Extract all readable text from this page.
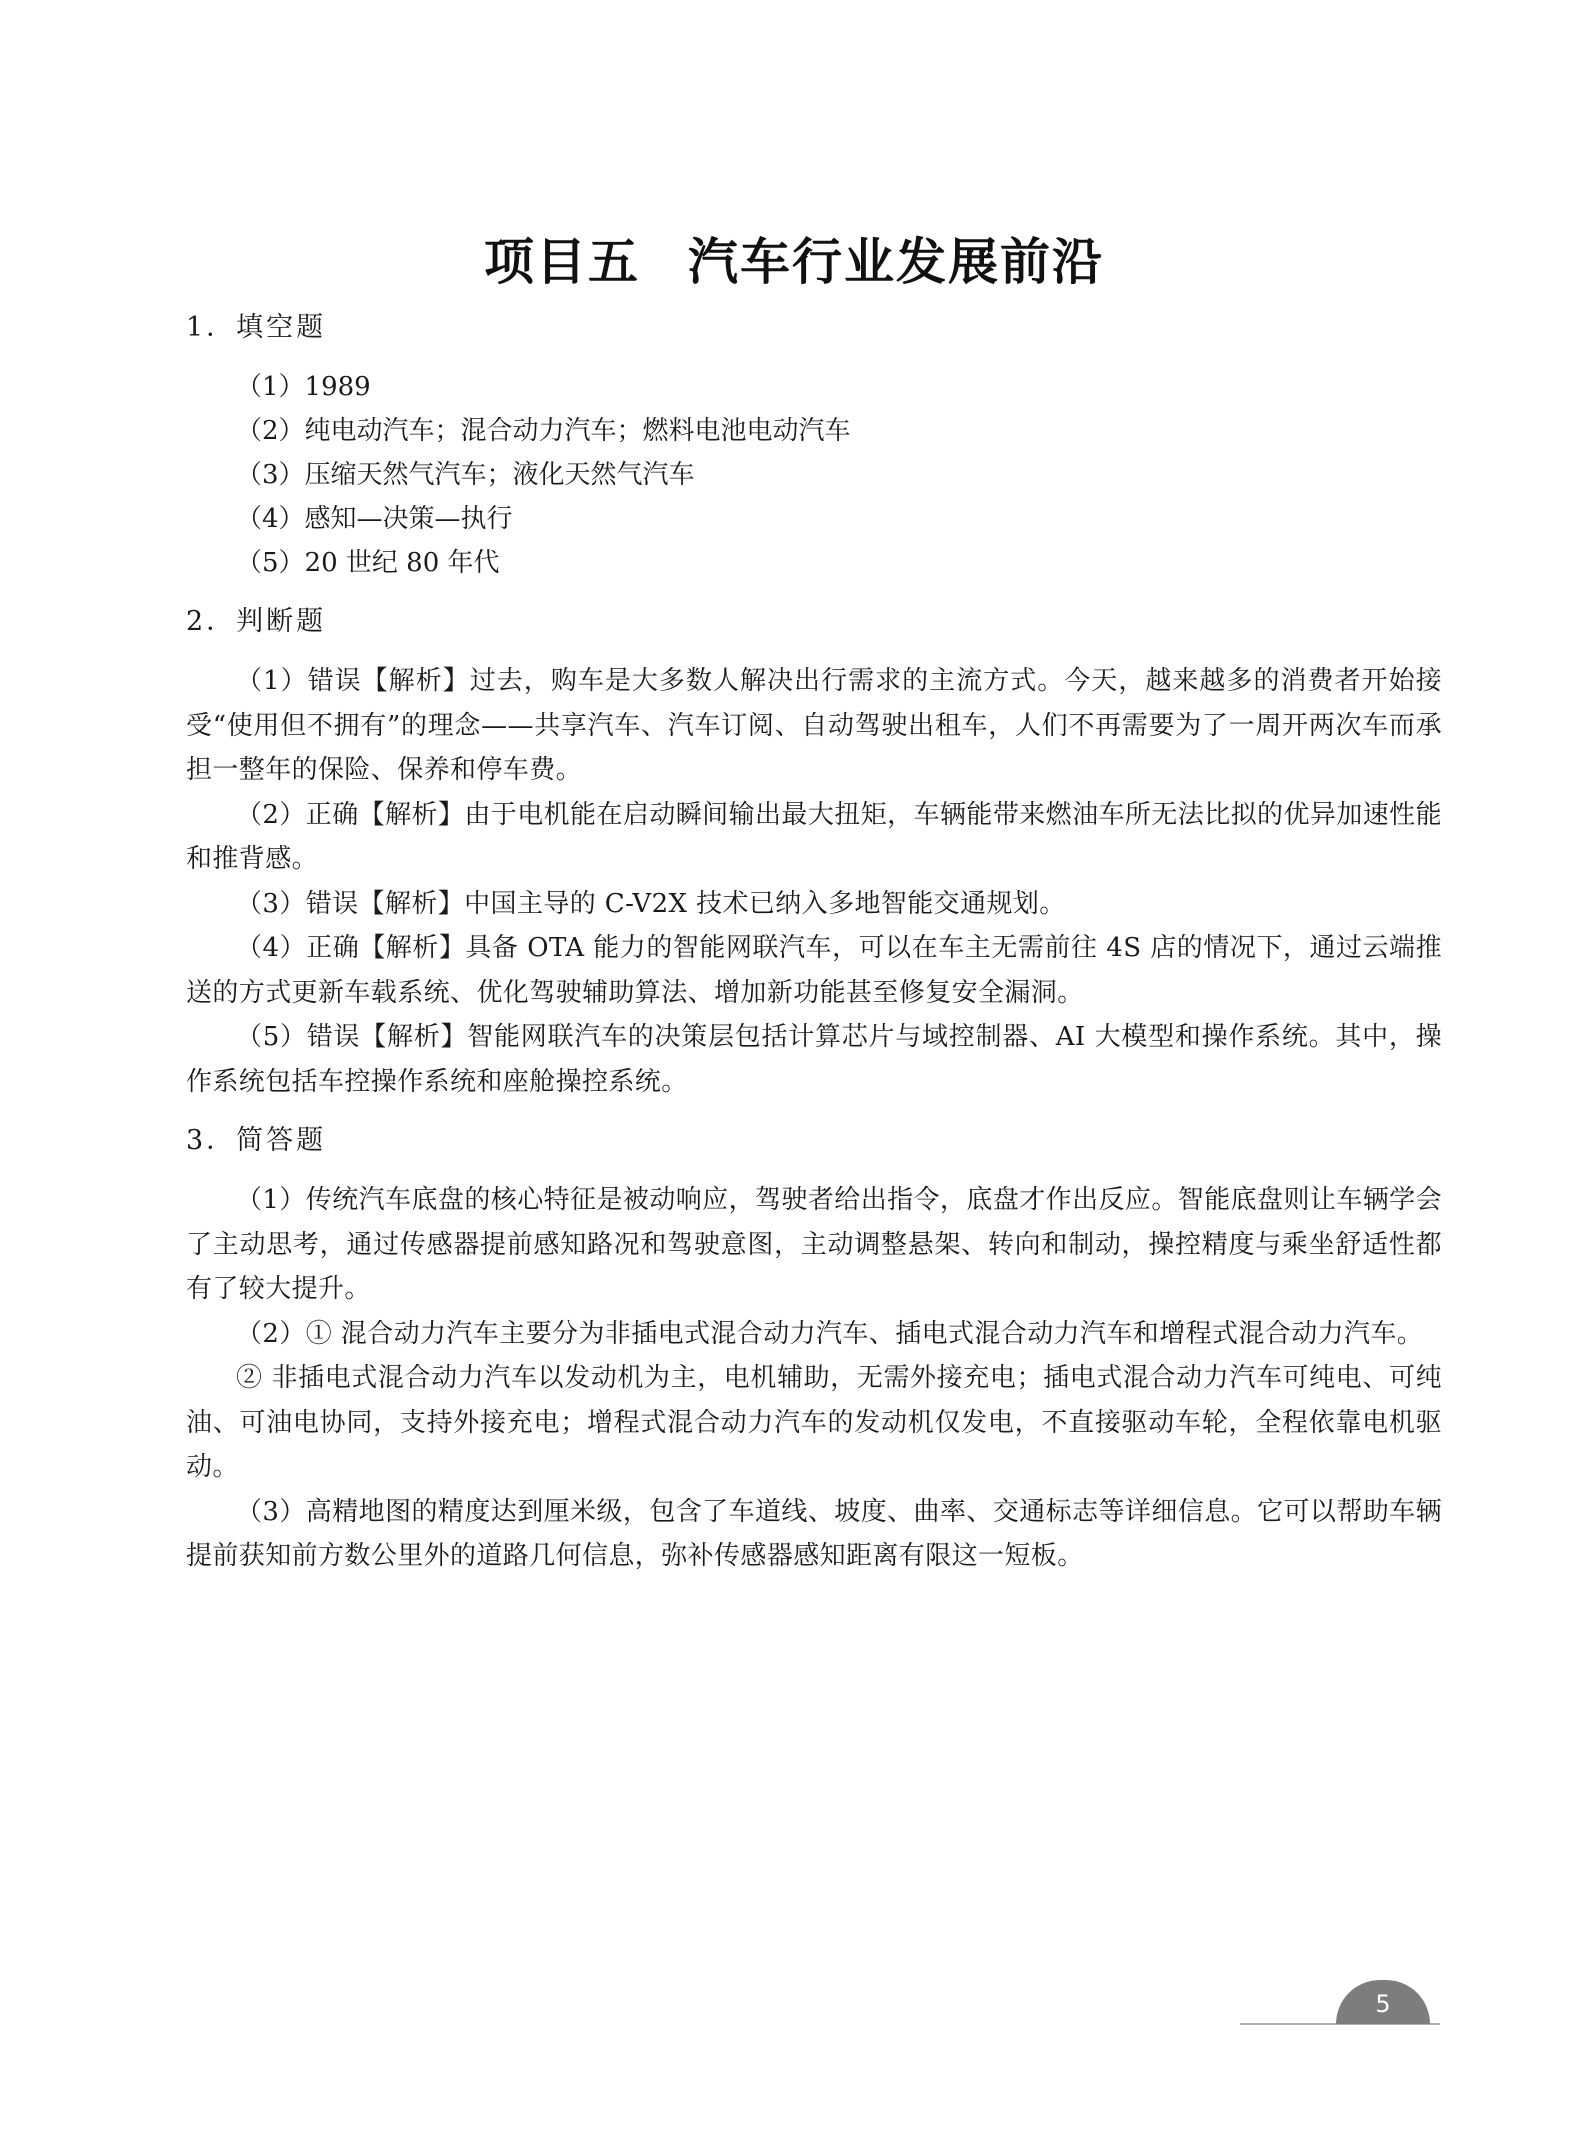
项目五 汽车行业发展前沿
1．填空题
（1）1989
（2）纯电动汽车；混合动力汽车；燃料电池电动汽车
（3）压缩天然气汽车；液化天然气汽车
（4）感知—决策—执行
（5）20 世纪 80 年代
2．判断题

（1）错误【解析】过去，购车是大多数人解决出行需求的主流方式。今天，越来越多的消费者开始接受“使用但不拥有”的理念——共享汽车、汽车订阅、自动驾驶出租车，人们不再需要为了一周开两次车而承担一整年的保险、保养和停车费。

（2）正确【解析】由于电机能在启动瞬间输出最大扭矩，车辆能带来燃油车所无法比拟的优异加速性能和推背感。

（3）错误【解析】中国主导的 C-V2X 技术已纳入多地智能交通规划。

（4）正确【解析】具备 OTA 能力的智能网联汽车，可以在车主无需前往 4S 店的情况下，通过云端推送的方式更新车载系统、优化驾驶辅助算法、增加新功能甚至修复安全漏洞。

（5）错误【解析】智能网联汽车的决策层包括计算芯片与域控制器、AI 大模型和操作系统。其中，操作系统包括车控操作系统和座舱操控系统。

3．简答题

（1）传统汽车底盘的核心特征是被动响应，驾驶者给出指令，底盘才作出反应。智能底盘则让车辆学会了主动思考，通过传感器提前感知路况和驾驶意图，主动调整悬架、转向和制动，操控精度与乘坐舒适性都有了较大提升。

（2）① 混合动力汽车主要分为非插电式混合动力汽车、插电式混合动力汽车和增程式混合动力汽车。

② 非插电式混合动力汽车以发动机为主，电机辅助，无需外接充电；插电式混合动力汽车可纯电、可纯油、可油电协同，支持外接充电；增程式混合动力汽车的发动机仅发电，不直接驱动车轮，全程依靠电机驱动。

（3）高精地图的精度达到厘米级，包含了车道线、坡度、曲率、交通标志等详细信息。它可以帮助车辆提前获知前方数公里外的道路几何信息，弥补传感器感知距离有限这一短板。

5
